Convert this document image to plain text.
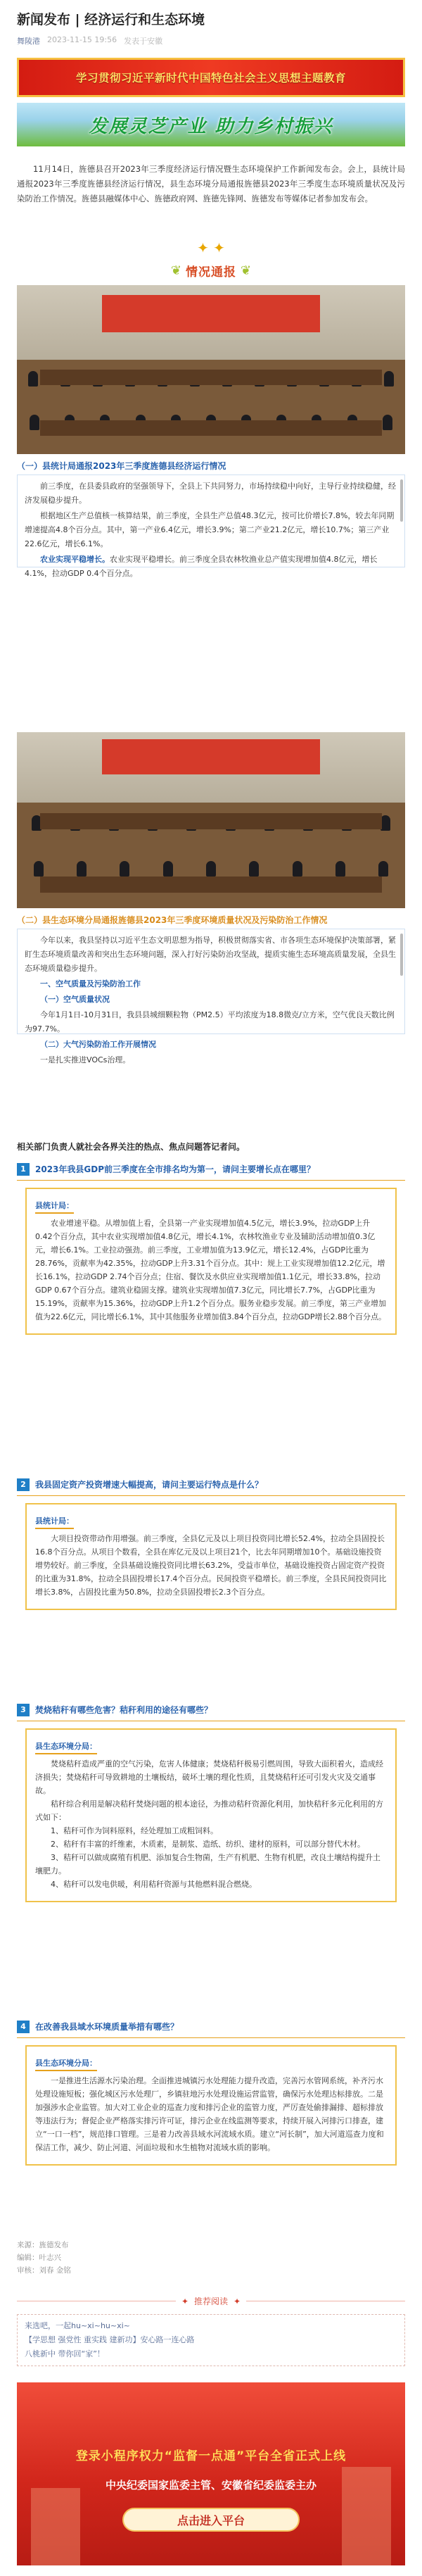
新闻发布 | 经济运行和生态环境
舞陵港 2023-11-15 19:56 发表于安徽
学习贯彻习近平新时代中国特色社会主义思想主题教育
发展灵芝产业 助力乡村振兴
11月14日，旌德县召开2023年三季度经济运行情况暨生态环境保护工作新闻发布会。会上，县统计局通报2023年三季度旌德县经济运行情况，县生态环境分局通报旌德县2023年三季度生态环境质量状况及污染防治工作情况。旌德县融媒体中心、旌德政府网、旌德先锋网、旌德发布等媒体记者参加发布会。
✦ ✦
❦ 情况通报 ❦
（一）县统计局通报2023年三季度旌德县经济运行情况

前三季度，在县委县政府的坚强领导下，全县上下共同努力，市场持续稳中向好，主导行业持续稳健，经济发展稳步提升。

根据地区生产总值核一核算结果，前三季度，全县生产总值48.3亿元，按可比价增长7.8%，较去年同期增速提高4.8个百分点。其中，第一产业6.4亿元，增长3.9%；第二产业21.2亿元，增长10.7%；第三产业22.6亿元，增长6.1%。

农业实现平稳增长。农业实现平稳增长。前三季度全县农林牧渔业总产值实现增加值4.8亿元，增长4.1%，拉动GDP 0.4个百分点。

（二）县生态环境分局通报旌德县2023年三季度环境质量状况及污染防治工作情况

今年以来，我县坚持以习近平生态文明思想为指导，积极贯彻落实省、市各项生态环境保护决策部署，紧盯生态环境质量改善和突出生态环境问题，深入打好污染防治攻坚战，提质实施生态环境高质量发展，全县生态环境质量稳步提升。

一、空气质量及污染防治工作

（一）空气质量状况

今年1月1日-10月31日，我县县城细颗粒物（PM2.5）平均浓度为18.8微克/立方米，空气优良天数比例为97.7%。

（二）大气污染防治工作开展情况

一是扎实推进VOCs治理。

相关部门负责人就社会各界关注的热点、焦点问题答记者问。
1	2023年我县GDP前三季度在全市排名均为第一，请问主要增长点在哪里？
县统计局：

农业增速平稳。从增加值上看，全县第一产业实现增加值4.5亿元，增长3.9%，拉动GDP上升0.42个百分点，其中农业实现增加值4.8亿元，增长4.1%，农林牧渔业专业及辅助活动增加值0.3亿元，增长6.1%。工业拉动强劲。前三季度，工业增加值为13.9亿元，增长12.4%，占GDP比重为28.76%，贡献率为42.35%，拉动GDP上升3.31个百分点。其中：规上工业实现增加值12.2亿元，增长16.1%，拉动GDP 2.74个百分点；住宿、餐饮及水供应业实现增加值1.1亿元，增长33.8%，拉动GDP 0.67个百分点。建筑业稳固支撑。建筑业实现增加值7.3亿元，同比增长7.7%，占GDP比重为15.19%，贡献率为15.36%，拉动GDP上升1.2个百分点。服务业稳步发展。前三季度，第三产业增加值为22.6亿元，同比增长6.1%，其中其他服务业增加值3.84个百分点，拉动GDP增长2.88个百分点。

2	我县固定资产投资增速大幅提高，请问主要运行特点是什么？
县统计局：

大项目投资带动作用增强。前三季度，全县亿元及以上项目投资同比增长52.4%，拉动全县固投长16.8个百分点。从项目个数看，全县在库亿元及以上项目21个，比去年同期增加10个。基础设施投资增势较好。前三季度，全县基础设施投资同比增长63.2%，受益市单位，基础设施投资占固定资产投资的比重为31.8%，拉动全县固投增长17.4个百分点。民间投资平稳增长。前三季度，全县民间投资同比增长3.8%，占固投比重为50.8%，拉动全县固投增长2.3个百分点。

3	焚烧秸秆有哪些危害？秸秆利用的途径有哪些？
县生态环境分局：

焚烧秸秆造成严重的空气污染，危害人体健康；焚烧秸秆极易引燃周围，导致大面积着火，造成经济损失；焚烧秸秆可导致耕地的土壤板结，破坏土壤的理化性质，且焚烧秸秆还可引发火灾及交通事故。

秸秆综合利用是解决秸秆焚烧问题的根本途径，为推动秸秆资源化利用，加快秸秆多元化利用的方式如下：

1、秸秆可作为饲料原料，经处理加工成粗饲料。

2、秸秆有丰富的纤维素，木质素，是制浆、造纸、纺织、建材的原料，可以部分替代木材。

3、秸秆可以做成腐殖有机肥、添加复合生物菌，生产有机肥、生物有机肥，改良土壤结构提升土壤肥力。

4、秸秆可以发电供暖，利用秸秆资源与其他燃料混合燃烧。

4	在改善我县域水环境质量举措有哪些？
县生态环境分局：

一是推进生活源水污染治理。全面推进城镇污水处理能力提升改造，完善污水管网系统，补齐污水处理设施短板；强化城区污水处理厂，乡镇驻地污水处理设施运营监管，确保污水处理达标排放。二是加强涉水企业监管。加大对工业企业的巡查力度和排污企业的监管力度，严厉查处偷排漏排、超标排放等违法行为；督促企业严格落实排污许可证，排污企业在线监测等要求，持续开展入河排污口排查，建立“一口一档”，规范排口管理。三是着力改善县域水河流域水质。建立“河长制”，加大河道巡查力度和保洁工作，减少、防止河道、河面垃圾和水生植物对流域水质的影响。

来源：旌德发布
编辑：叶志兴
审核：刘春 金铭
✦ 推荐阅读 ✦
来选吧，一起hu~xi~hu~xi~
【学思想 强党性 重实践 建新功】安心路一连心路
八桃新中 带你回“家”！
登录小程序权力“监督一点通”平台全省正式上线
中央纪委国家监委主管、安徽省纪委监委主办
点击进入平台
